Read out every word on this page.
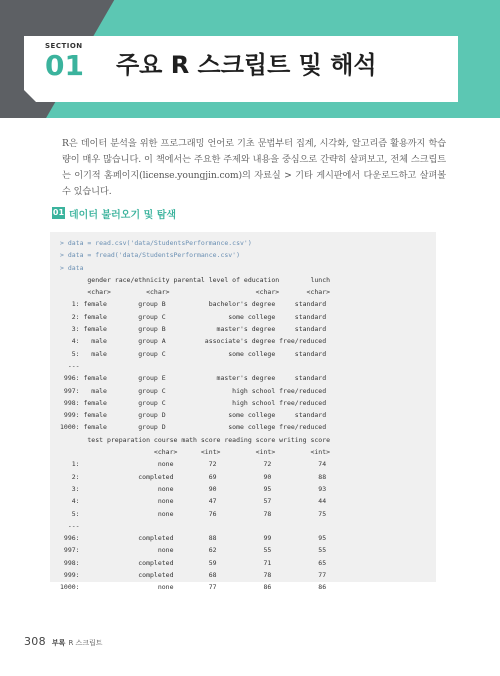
SECTION
01 주요 R 스크립트 및 해석
R은 데이터 분석을 위한 프로그래밍 언어로 기초 문법부터 집계, 시각화, 알고리즘 활용까지 학습량이 매우 많습니다. 이 책에서는 주요한 주제와 내용을 중심으로 간략히 살펴보고, 전체 스크립트는 이기적 홈페이지(license.youngjin.com)의 자료실 > 기타 게시판에서 다운로드하고 살펴볼 수 있습니다.
01 데이터 불러오기 및 탐색
> data = read.csv('data/StudentsPerformance.csv')
> data = fread('data/StudentsPerformance.csv')
> data
gender race/ethnicity parental level of education        lunch
<char>         <char>                      <char>       <char>
1: female        group B           bachelor's degree     standard
2: female        group C                some college     standard
3: female        group B             master's degree     standard
4:   male        group A          associate's degree free/reduced
5:   male        group C                some college     standard
---
996: female        group E             master's degree     standard
997:   male        group C                 high school free/reduced
998: female        group C                 high school free/reduced
999: female        group D                some college     standard
1000: female        group D                some college free/reduced
test preparation course math score reading score writing score
<char>      <int>         <int>         <int>
1:                    none         72            72            74
2:               completed         69            90            88
3:                    none         90            95            93
4:                    none         47            57            44
5:                    none         76            78            75
---
996:               completed         88            99            95
997:                    none         62            55            55
998:               completed         59            71            65
999:               completed         68            78            77
1000:                    none         77            86            86
308 부록 R 스크립트
